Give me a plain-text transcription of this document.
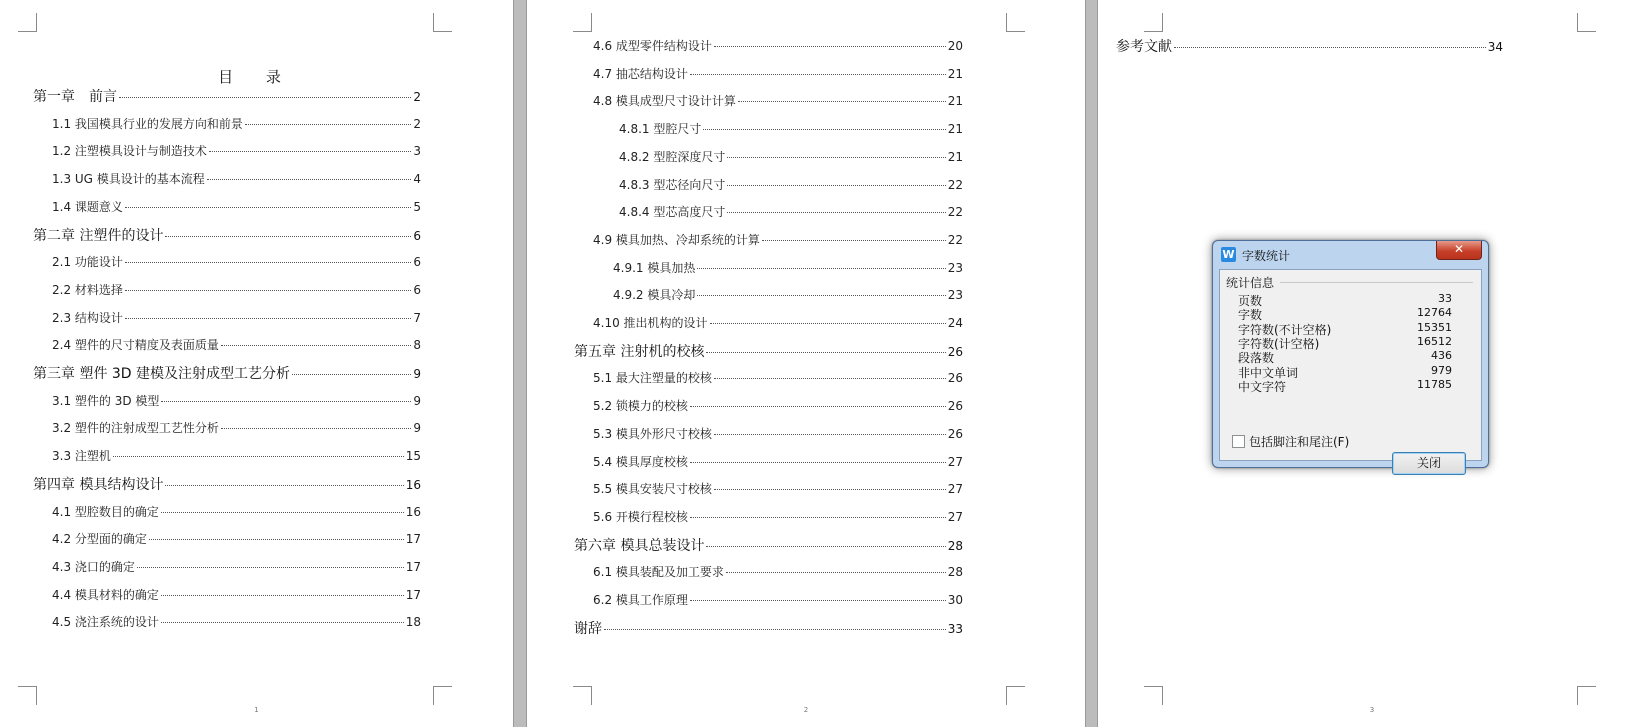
目 录
第一章　前言	2
1.1 我国模具行业的发展方向和前景	2
1.2 注塑模具设计与制造技术	3
1.3 UG 模具设计的基本流程	4
1.4 课题意义	5
第二章 注塑件的设计	6
2.1 功能设计	6
2.2 材料选择	6
2.3 结构设计	7
2.4 塑件的尺寸精度及表面质量	8
第三章 塑件 3D 建模及注射成型工艺分析	9
3.1 塑件的 3D 模型	9
3.2 塑件的注射成型工艺性分析	9
3.3 注塑机	15
第四章 模具结构设计	16
4.1 型腔数目的确定	16
4.2 分型面的确定	17
4.3 浇口的确定	17
4.4 模具材料的确定	17
4.5 浇注系统的设计	18
1
4.6 成型零件结构设计	20
4.7 抽芯结构设计	21
4.8 模具成型尺寸设计计算	21
4.8.1 型腔尺寸	21
4.8.2 型腔深度尺寸	21
4.8.3 型芯径向尺寸	22
4.8.4 型芯高度尺寸	22
4.9 模具加热、冷却系统的计算	22
4.9.1 模具加热	23
4.9.2 模具冷却	23
4.10 推出机构的设计	24
第五章 注射机的校核	26
5.1 最大注塑量的校核	26
5.2 锁模力的校核	26
5.3 模具外形尺寸校核	26
5.4 模具厚度校核	27
5.5 模具安装尺寸校核	27
5.6 开模行程校核	27
第六章 模具总装设计	28
6.1 模具装配及加工要求	28
6.2 模具工作原理	30
谢辞	33
2
参考文献	34
3
W 字数统计	✕
统计信息
页数	33
字数	12764
字符数(不计空格)	15351
字符数(计空格)	16512
段落数	436
非中文单词	979
中文字符	11785
包括脚注和尾注(F)
关闭
